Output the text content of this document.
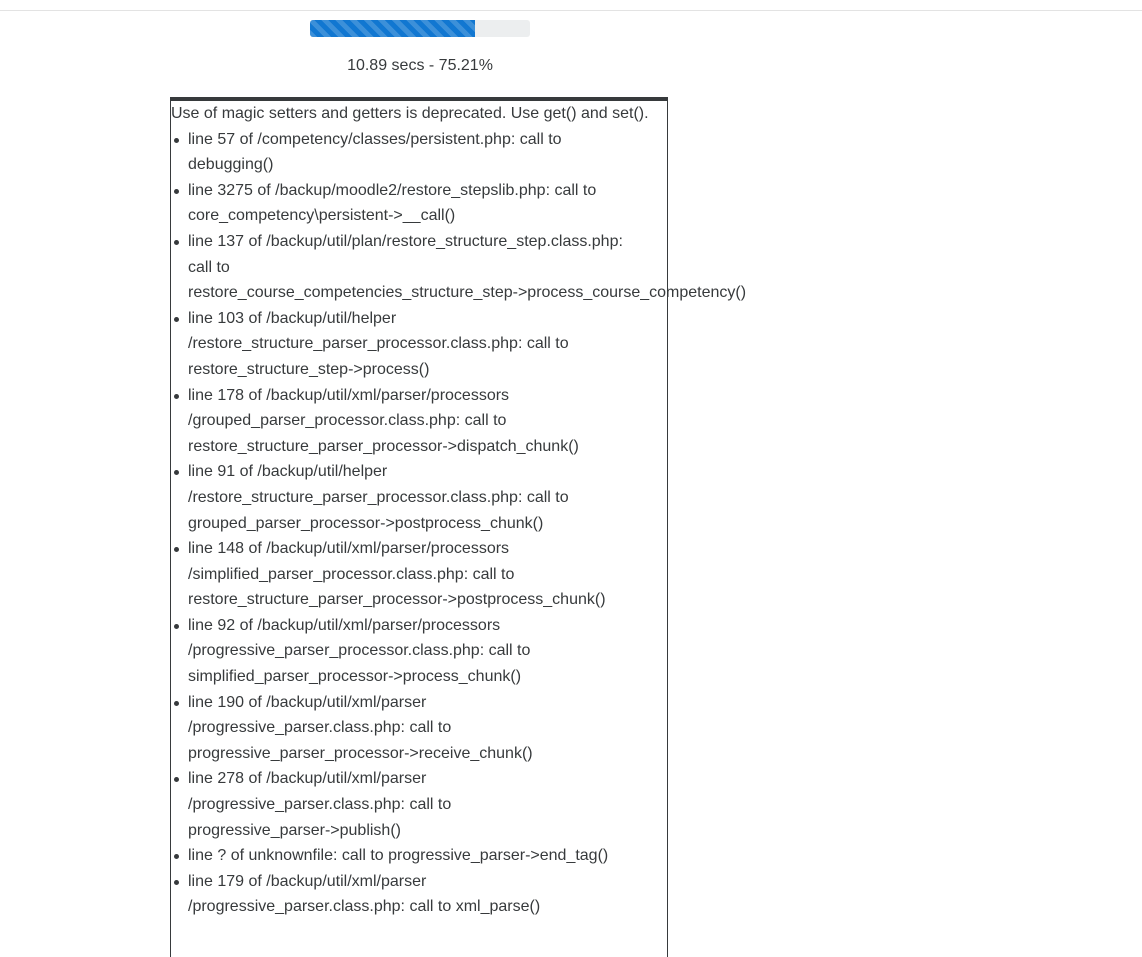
10.89 secs - 75.21%
Use of magic setters and getters is deprecated. Use get() and set().
line 57 of /competency/classes/persistent.php: call to
debugging()
line 3275 of /backup/moodle2/restore_stepslib.php: call to
core_competency\persistent->__call()
line 137 of /backup/util/plan/restore_structure_step.class.php:
call to
restore_course_competencies_structure_step->process_course_competency()
line 103 of /backup/util/helper
/restore_structure_parser_processor.class.php: call to
restore_structure_step->process()
line 178 of /backup/util/xml/parser/processors
/grouped_parser_processor.class.php: call to
restore_structure_parser_processor->dispatch_chunk()
line 91 of /backup/util/helper
/restore_structure_parser_processor.class.php: call to
grouped_parser_processor->postprocess_chunk()
line 148 of /backup/util/xml/parser/processors
/simplified_parser_processor.class.php: call to
restore_structure_parser_processor->postprocess_chunk()
line 92 of /backup/util/xml/parser/processors
/progressive_parser_processor.class.php: call to
simplified_parser_processor->process_chunk()
line 190 of /backup/util/xml/parser
/progressive_parser.class.php: call to
progressive_parser_processor->receive_chunk()
line 278 of /backup/util/xml/parser
/progressive_parser.class.php: call to
progressive_parser->publish()
line ? of unknownfile: call to progressive_parser->end_tag()
line 179 of /backup/util/xml/parser
/progressive_parser.class.php: call to xml_parse()
